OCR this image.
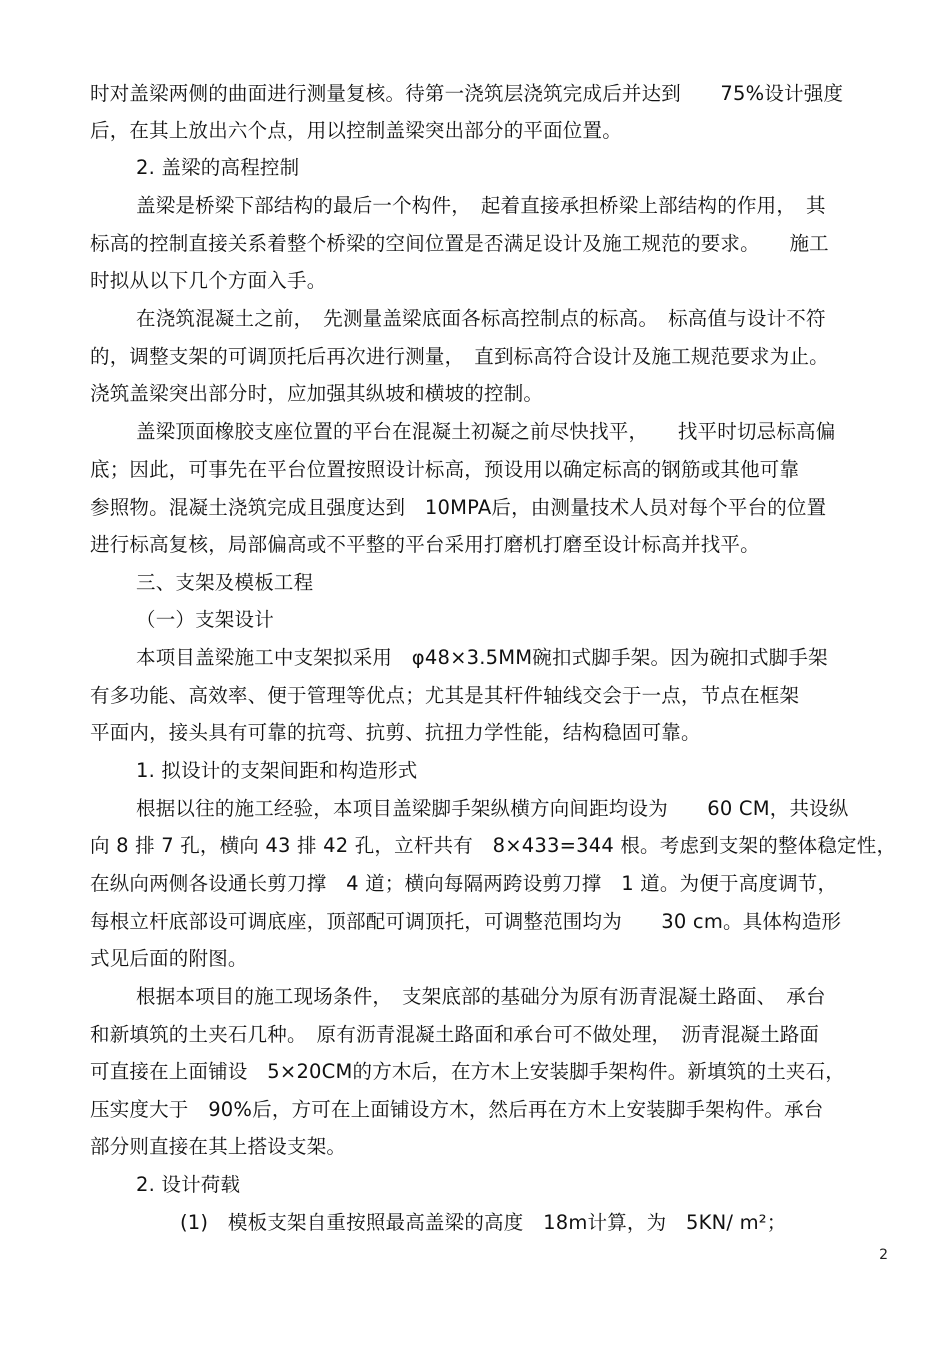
时对盖梁两侧的曲面进行测量复核。待第一浇筑层浇筑完成后并达到　　75%设计强度
后，在其上放出六个点，用以控制盖梁突出部分的平面位置。
2. 盖梁的高程控制
盖梁是桥梁下部结构的最后一个构件，　起着直接承担桥梁上部结构的作用，　其
标高的控制直接关系着整个桥梁的空间位置是否满足设计及施工规范的要求。　　施工
时拟从以下几个方面入手。
在浇筑混凝土之前，　先测量盖梁底面各标高控制点的标高。　标高值与设计不符
的，调整支架的可调顶托后再次进行测量，　直到标高符合设计及施工规范要求为止。
浇筑盖梁突出部分时，应加强其纵坡和横坡的控制。
盖梁顶面橡胶支座位置的平台在混凝土初凝之前尽快找平，　　找平时切忌标高偏
底；因此，可事先在平台位置按照设计标高，预设用以确定标高的钢筋或其他可靠
参照物。混凝土浇筑完成且强度达到　10MPA后，由测量技术人员对每个平台的位置
进行标高复核，局部偏高或不平整的平台采用打磨机打磨至设计标高并找平。
三、支架及模板工程
（一）支架设计
本项目盖梁施工中支架拟采用　φ48×3.5MM碗扣式脚手架。因为碗扣式脚手架
有多功能、高效率、便于管理等优点；尤其是其杆件轴线交会于一点，节点在框架
平面内，接头具有可靠的抗弯、抗剪、抗扭力学性能，结构稳固可靠。
1. 拟设计的支架间距和构造形式
根据以往的施工经验，本项目盖梁脚手架纵横方向间距均设为　　60 CM，共设纵
向 8 排 7 孔，横向 43 排 42 孔，立杆共有　8×433=344 根。考虑到支架的整体稳定性，
在纵向两侧各设通长剪刀撑　4 道；横向每隔两跨设剪刀撑　1 道。为便于高度调节，
每根立杆底部设可调底座，顶部配可调顶托，可调整范围均为　　30 cm。具体构造形
式见后面的附图。
根据本项目的施工现场条件，　支架底部的基础分为原有沥青混凝土路面、　承台
和新填筑的土夹石几种。　原有沥青混凝土路面和承台可不做处理，　沥青混凝土路面
可直接在上面铺设　5×20CM的方木后，在方木上安装脚手架构件。新填筑的土夹石，
压实度大于　90%后，方可在上面铺设方木，然后再在方木上安装脚手架构件。承台
部分则直接在其上搭设支架。
2. 设计荷载
(1)　模板支架自重按照最高盖梁的高度　18m计算，为　5KN/ m²；
2
